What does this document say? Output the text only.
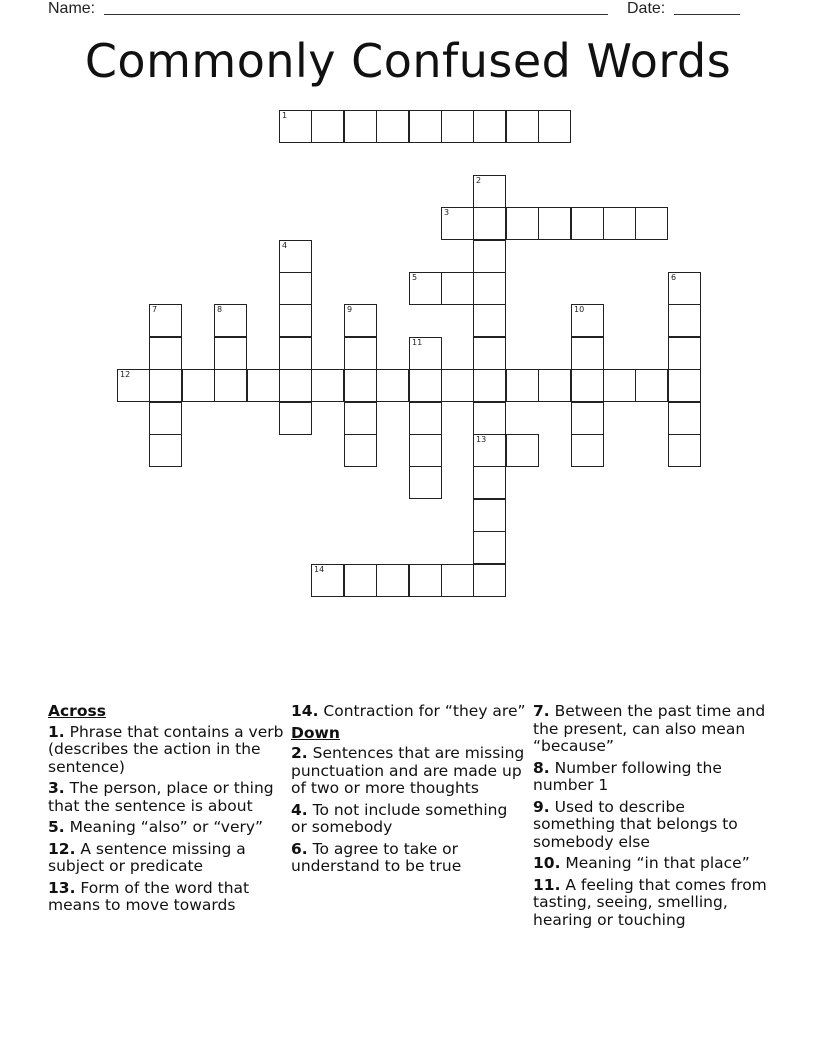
Name:	Date:
Commonly Confused Words
1
2
13
3
4
5	6
7	8	9	10
11
12
14
Across
1. Phrase that contains a verb (describes the action in the sentence)
3. The person, place or thing that the sentence is about
5. Meaning “also” or “very”
12. A sentence missing a subject or predicate
13. Form of the word that means to move towards
14. Contraction for “they are”
Down
2. Sentences that are missing punctuation and are made up of two or more thoughts
4. To not include something or somebody
6. To agree to take or understand to be true
7. Between the past time and the present, can also mean “because”
8. Number following the number 1
9. Used to describe something that belongs to somebody else
10. Meaning “in that place”
11. A feeling that comes from tasting, seeing, smelling, hearing or touching
